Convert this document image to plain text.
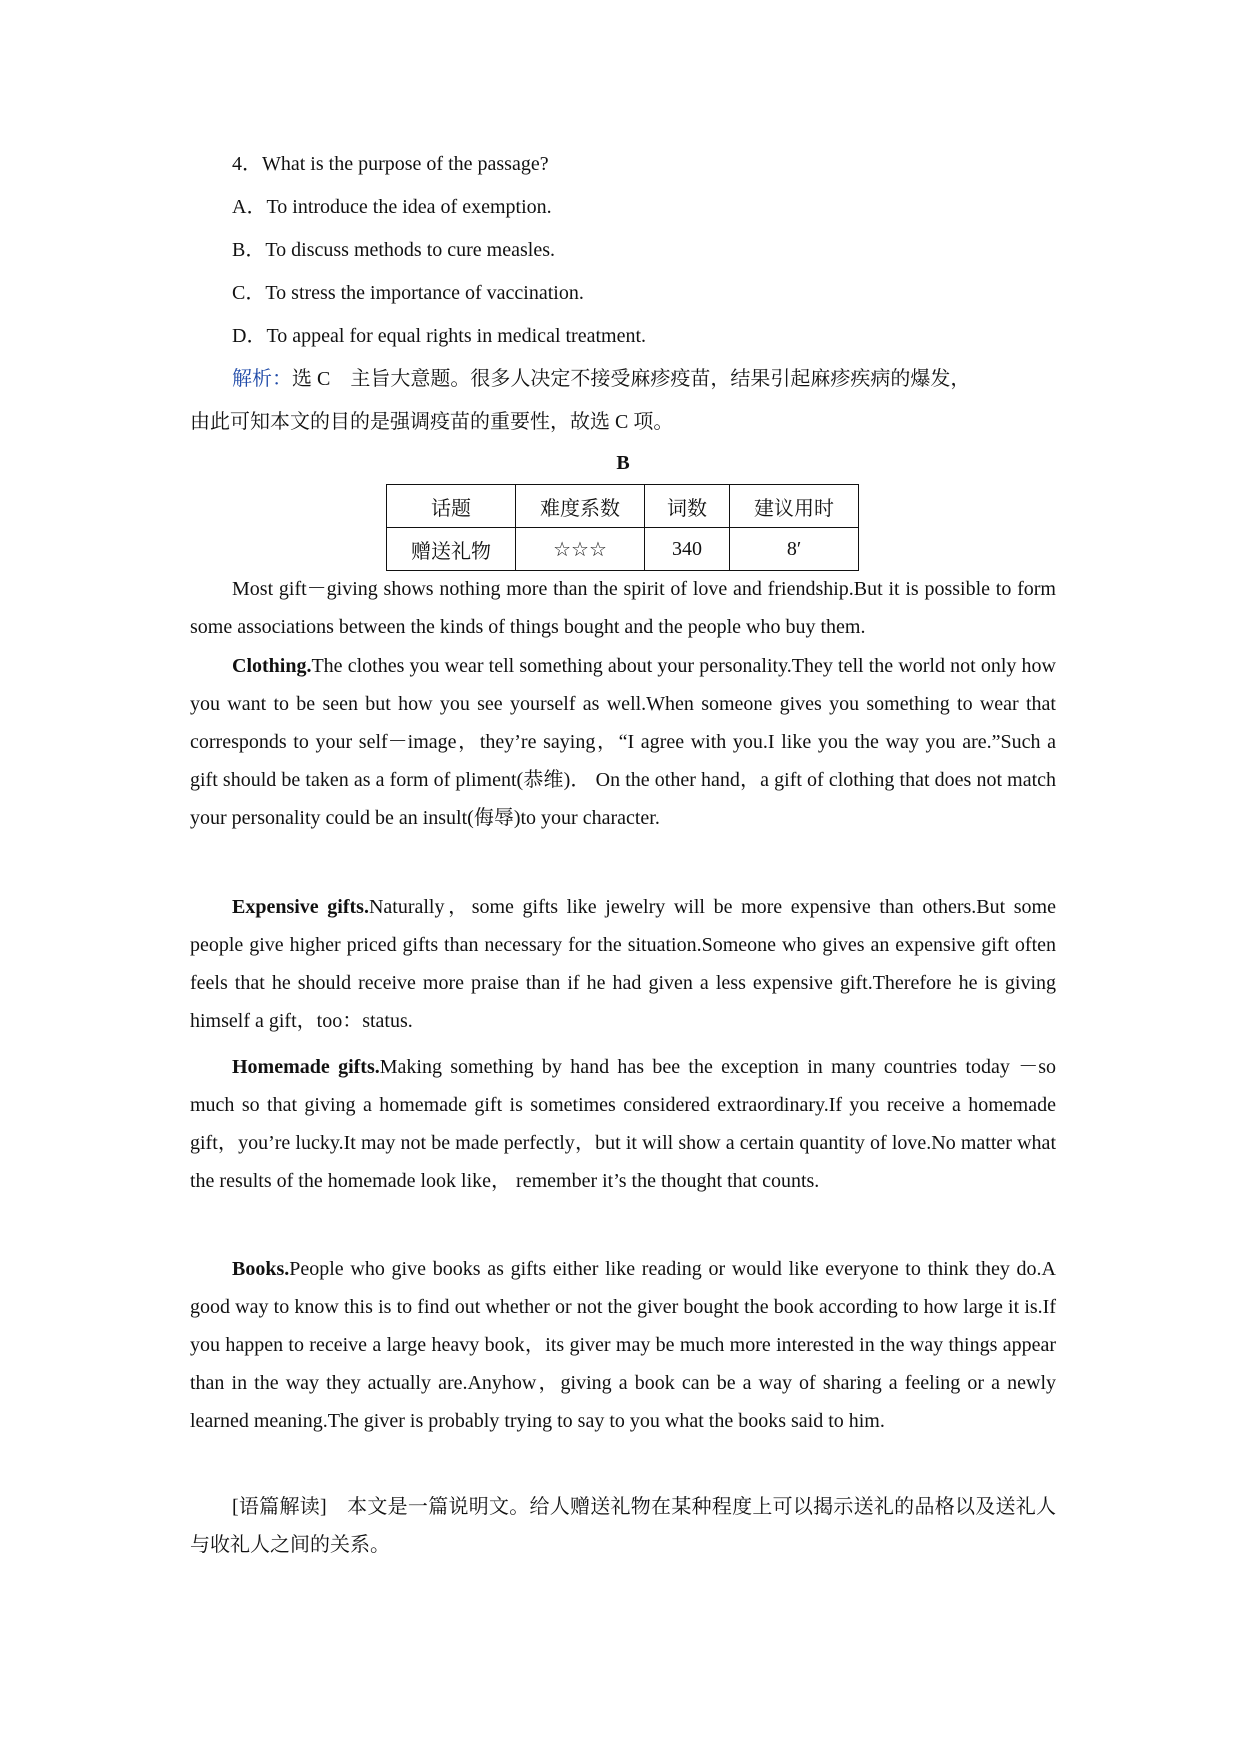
4．What is the purpose of the passage?
A．To introduce the idea of exemption.
B．To discuss methods to cure measles.
C．To stress the importance of vaccination.
D．To appeal for equal rights in medical treatment.
解析：选 C　主旨大意题。很多人决定不接受麻疹疫苗，结果引起麻疹疾病的爆发，
由此可知本文的目的是强调疫苗的重要性，故选 C 项。
B
话题	难度系数	词数	建议用时
赠送礼物	☆☆☆	340	8′
Most gift－giving shows nothing more than the spirit of love and friendship.But it is possible to form some associations between the kinds of things bought and the people who buy them.
Clothing.The clothes you wear tell something about your personality.They tell the world not only how you want to be seen but how you see yourself as well.When someone gives you something to wear that corresponds to your self－image，they’re saying，“I agree with you.I like you the way you are.”Such a gift should be taken as a form of pliment(恭维)． On the other hand，a gift of clothing that does not match your personality could be an insult(侮辱)to your character.
Expensive gifts.Naturally，some gifts like jewelry will be more expensive than others.But some people give higher priced gifts than necessary for the situation.Someone who gives an expensive gift often feels that he should receive more praise than if he had given a less expensive gift.Therefore he is giving himself a gift，too：status.
Homemade gifts.Making something by hand has bee the exception in many countries today －so much so that giving a homemade gift is sometimes considered extraordinary.If you receive a homemade gift，you’re lucky.It may not be made perfectly，but it will show a certain quantity of love.No matter what the results of the homemade look like， remember it’s the thought that counts.
Books.People who give books as gifts either like reading or would like everyone to think they do.A good way to know this is to find out whether or not the giver bought the book according to how large it is.If you happen to receive a large heavy book，its giver may be much more interested in the way things appear than in the way they actually are.Anyhow，giving a book can be a way of sharing a feeling or a newly learned meaning.The giver is probably trying to say to you what the books said to him.
[语篇解读]　 本文是一篇说明文。给人赠送礼物在某种程度上可以揭示送礼的品格以及送礼人与收礼人之间的关系。
